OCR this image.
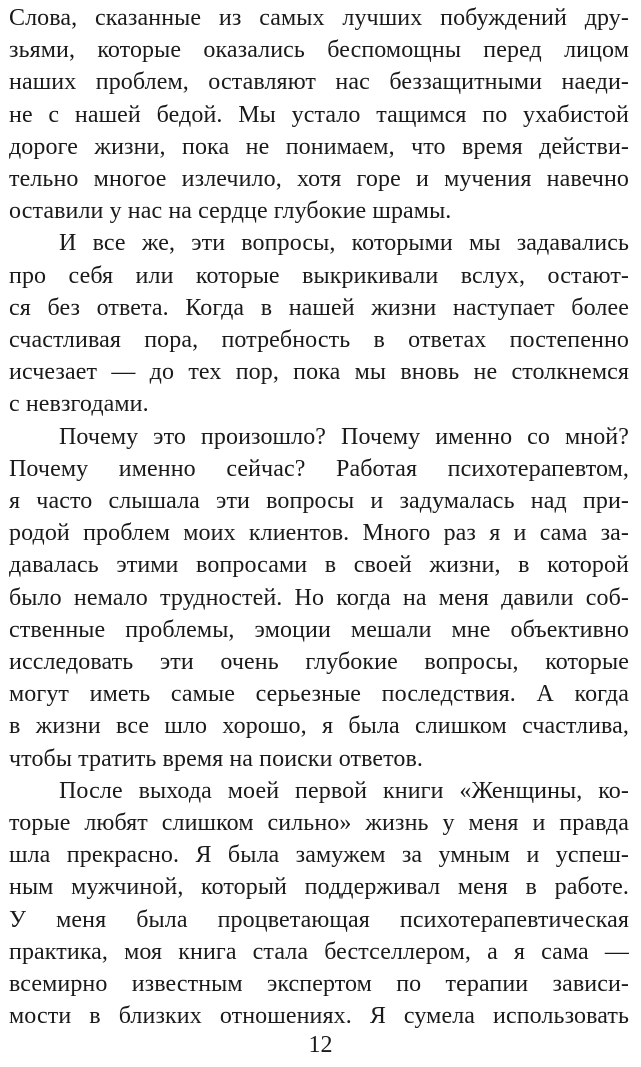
Слова, сказанные из самых лучших побуждений дру-
зьями, которые оказались беспомощны перед лицом
наших проблем, оставляют нас беззащитными наеди-
не с нашей бедой. Мы устало тащимся по ухабистой
дороге жизни, пока не понимаем, что время действи-
тельно многое излечило, хотя горе и мучения навечно
оставили у нас на сердце глубокие шрамы.
И все же, эти вопросы, которыми мы задавались
про себя или которые выкрикивали вслух, остают-
ся без ответа. Когда в нашей жизни наступает более
счастливая пора, потребность в ответах постепенно
исчезает — до тех пор, пока мы вновь не столкнемся
с невзгодами.
Почему это произошло? Почему именно со мной?
Почему именно сейчас? Работая психотерапевтом,
я часто слышала эти вопросы и задумалась над при-
родой проблем моих клиентов. Много раз я и сама за-
давалась этими вопросами в своей жизни, в которой
было немало трудностей. Но когда на меня давили соб-
ственные проблемы, эмоции мешали мне объективно
исследовать эти очень глубокие вопросы, которые
могут иметь самые серьезные последствия. А когда
в жизни все шло хорошо, я была слишком счастлива,
чтобы тратить время на поиски ответов.
После выхода моей первой книги «Женщины, ко-
торые любят слишком сильно» жизнь у меня и правда
шла прекрасно. Я была замужем за умным и успеш-
ным мужчиной, который поддерживал меня в работе.
У меня была процветающая психотерапевтическая
практика, моя книга стала бестселлером, а я сама —
всемирно известным экспертом по терапии зависи-
мости в близких отношениях. Я сумела использовать
12
